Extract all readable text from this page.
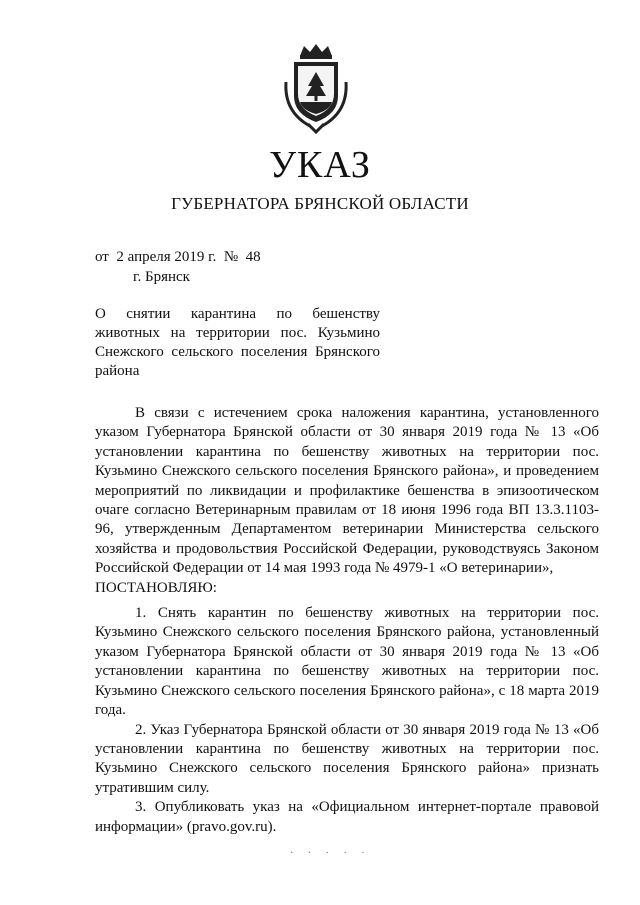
УКАЗ
ГУБЕРНАТОРА БРЯНСКОЙ ОБЛАСТИ
от  2 апреля 2019 г.  №  48
г. Брянск
О снятии карантина по бешенству животных на территории пос. Кузьмино Снежского сельского поселения Брянского района

В связи с истечением срока наложения карантина, установленного указом Губернатора Брянской области от 30 января 2019 года № 13 «Об установлении карантина по бешенству животных на территории пос. Кузьмино Снежского сельского поселения Брянского района», и проведением мероприятий по ликвидации и профилактике бешенства в эпизоотическом очаге согласно Ветеринарным правилам от 18 июня 1996 года ВП 13.3.1103-96, утвержденным Департаментом ветеринарии Министерства сельского хозяйства и продовольствия Российской Федерации, руководствуясь Законом Российской Федерации от 14 мая 1993 года № 4979-1 «О ветеринарии»,

ПОСТАНОВЛЯЮ:

1. Снять карантин по бешенству животных на территории пос. Кузьмино Снежского сельского поселения Брянского района, установленный указом Губернатора Брянской области от 30 января 2019 года № 13 «Об установлении карантина по бешенству животных на территории пос. Кузьмино Снежского сельского поселения Брянского района», с 18 марта 2019 года.

2. Указ Губернатора Брянской области от 30 января 2019 года № 13 «Об установлении карантина по бешенству животных на территории пос. Кузьмино Снежского сельского поселения Брянского района» признать утратившим силу.

3. Опубликовать указ на «Официальном интернет-портале правовой информации» (pravo.gov.ru).

· · · · ·
